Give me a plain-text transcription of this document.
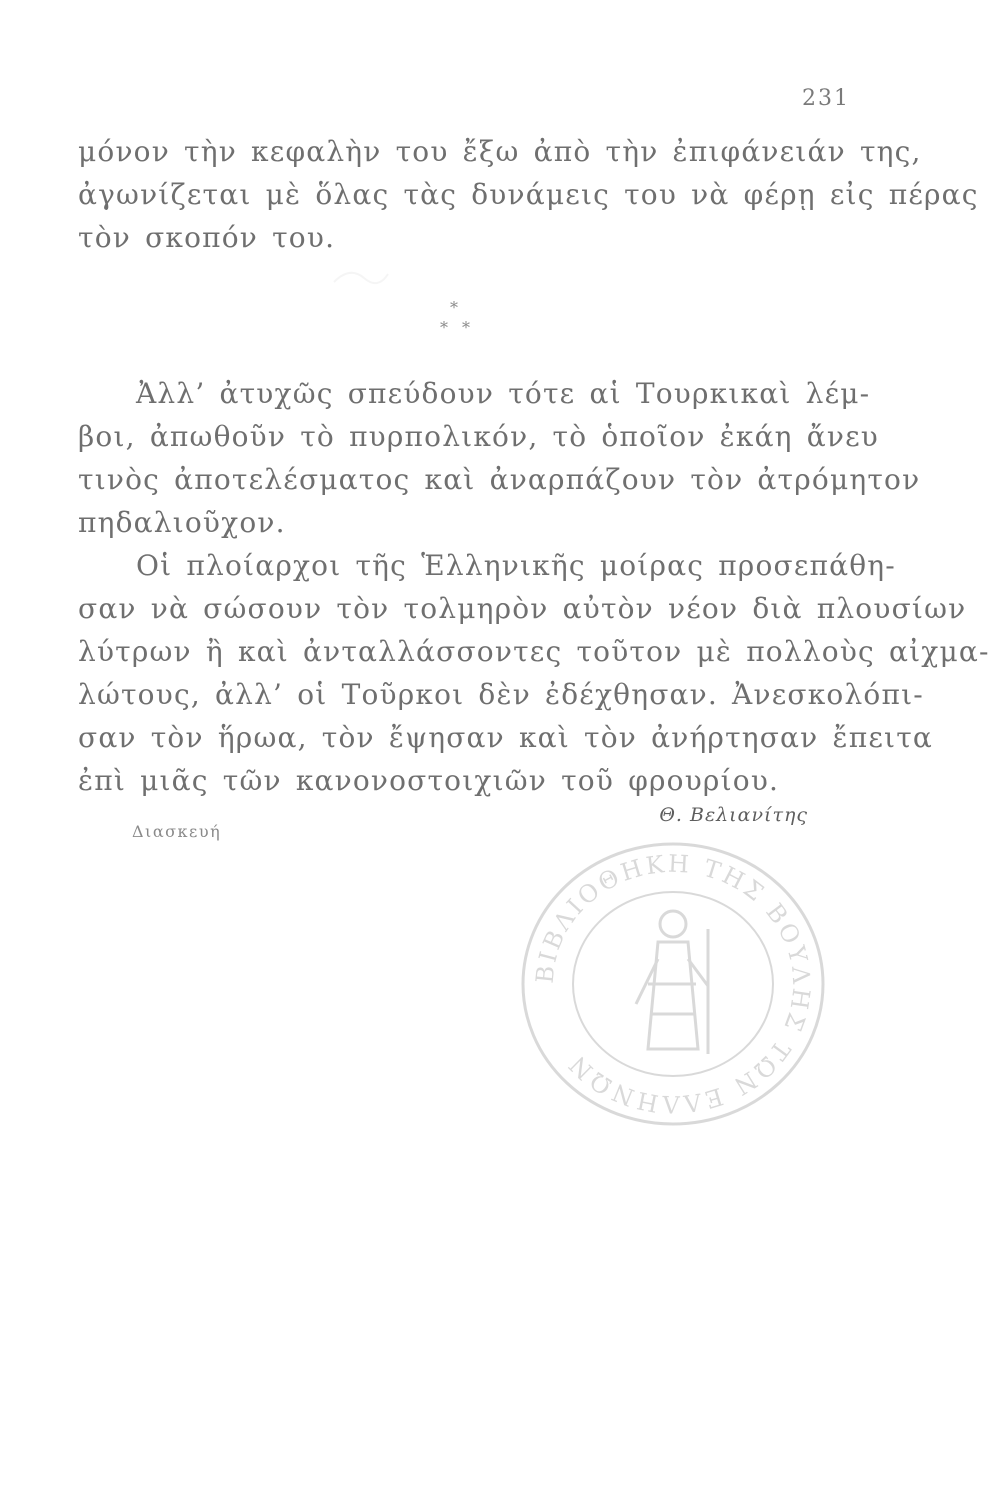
231
μόνον τὴν κεφαλὴν του ἔξω ἀπὸ τὴν ἐπιφάνειάν της,
ἀγωνίζεται μὲ ὅλας τὰς δυνάμεις του νὰ φέρῃ εἰς πέρας
τὸν σκοπόν του.
*
* *
Ἀλλ’ ἀτυχῶς σπεύδουν τότε αἱ Τουρκικαὶ λέμ-
βοι, ἀπωθοῦν τὸ πυρπολικόν, τὸ ὁποῖον ἐκάη ἄνευ
τινὸς ἀποτελέσματος καὶ ἀναρπάζουν τὸν ἀτρόμητον
πηδαλιοῦχον.
Οἱ πλοίαρχοι τῆς Ἑλληνικῆς μοίρας προσεπάθη-
σαν νὰ σώσουν τὸν τολμηρὸν αὐτὸν νέον διὰ πλουσίων
λύτρων ἢ καὶ ἀνταλλάσσοντες τοῦτον μὲ πολλοὺς αἰχμα-
λώτους, ἀλλ’ οἱ Τοῦρκοι δὲν ἐδέχθησαν. Ἀνεσκολόπι-
σαν τὸν ἥρωα, τὸν ἔψησαν καὶ τὸν ἀνήρτησαν ἔπειτα
ἐπὶ μιᾶς τῶν κανονοστοιχιῶν τοῦ φρουρίου.
Διασκευή
Θ. Βελιανίτης
ΒΙΒΛΙΟΘΗΚΗ ΤΗΣ ΒΟΥΛΗΣ ΤΩΝ ΕΛΛΗΝΩΝ
